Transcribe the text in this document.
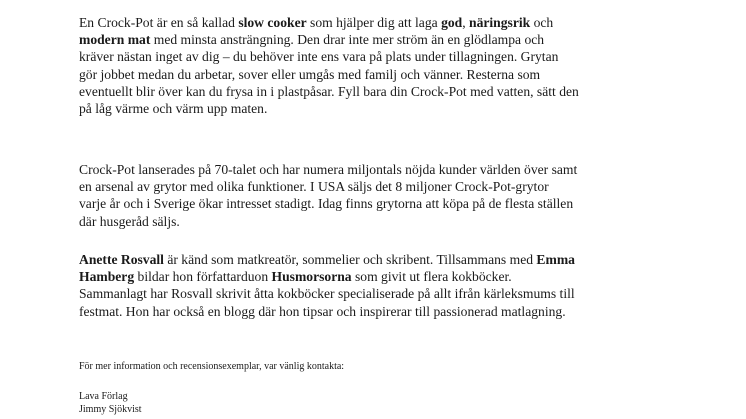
En Crock-Pot är en så kallad slow cooker som hjälper dig att laga god, näringsrik och modern mat med minsta ansträngning. Den drar inte mer ström än en glödlampa och kräver nästan inget av dig – du behöver inte ens vara på plats under tillagningen. Grytan gör jobbet medan du arbetar, sover eller umgås med familj och vänner. Resterna som eventuellt blir över kan du frysa in i plastpåsar. Fyll bara din Crock-Pot med vatten, sätt den på låg värme och värm upp maten.

Crock-Pot lanserades på 70-talet och har numera miljontals nöjda kunder världen över samt en arsenal av grytor med olika funktioner. I USA säljs det 8 miljoner Crock-Pot-grytor varje år och i Sverige ökar intresset stadigt. Idag finns grytorna att köpa på de flesta ställen där husgeråd säljs.

Anette Rosvall är känd som matkreatör, sommelier och skribent. Tillsammans med Emma Hamberg bildar hon författarduon Husmorsorna som givit ut flera kokböcker. Sammanlagt har Rosvall skrivit åtta kokböcker specialiserade på allt ifrån kärleksmums till festmat. Hon har också en blogg där hon tipsar och inspirerar till passionerad matlagning.

För mer information och recensionsexemplar, var vänlig kontakta:

Lava Förlag
Jimmy Sjökvist
